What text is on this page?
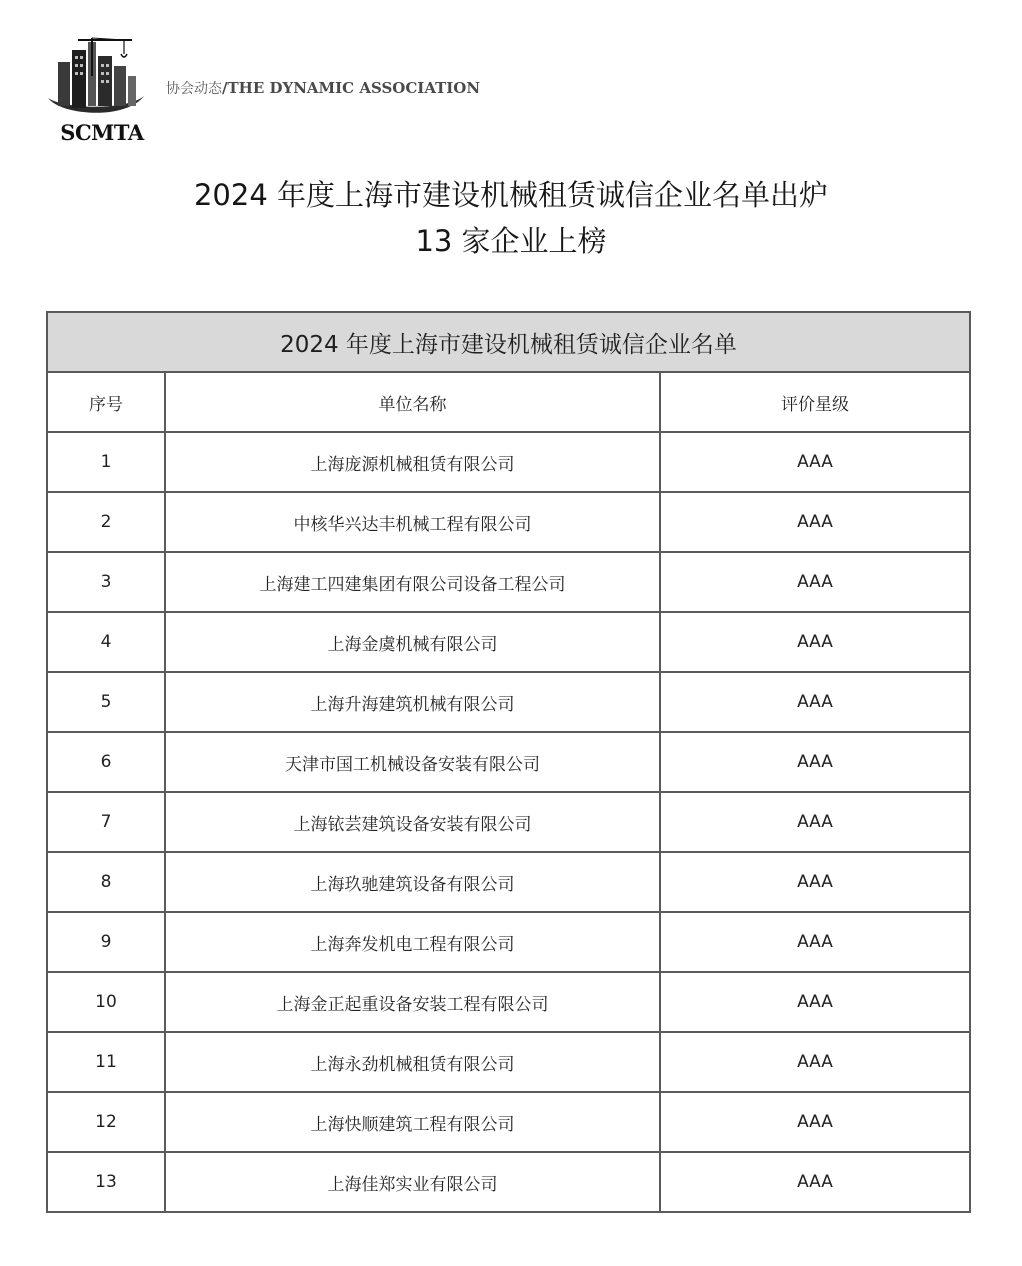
SCMTA
协会动态/THE DYNAMIC ASSOCIATION
2024 年度上海市建设机械租赁诚信企业名单出炉
13 家企业上榜
2024 年度上海市建设机械租赁诚信企业名单		
序号	单位名称	评价星级
1	上海庞源机械租赁有限公司	AAA
2	中核华兴达丰机械工程有限公司	AAA
3	上海建工四建集团有限公司设备工程公司	AAA
4	上海金虞机械有限公司	AAA
5	上海升海建筑机械有限公司	AAA
6	天津市国工机械设备安装有限公司	AAA
7	上海铱芸建筑设备安装有限公司	AAA
8	上海玖驰建筑设备有限公司	AAA
9	上海奔发机电工程有限公司	AAA
10	上海金正起重设备安装工程有限公司	AAA
11	上海永劲机械租赁有限公司	AAA
12	上海快顺建筑工程有限公司	AAA
13	上海佳郑实业有限公司	AAA
